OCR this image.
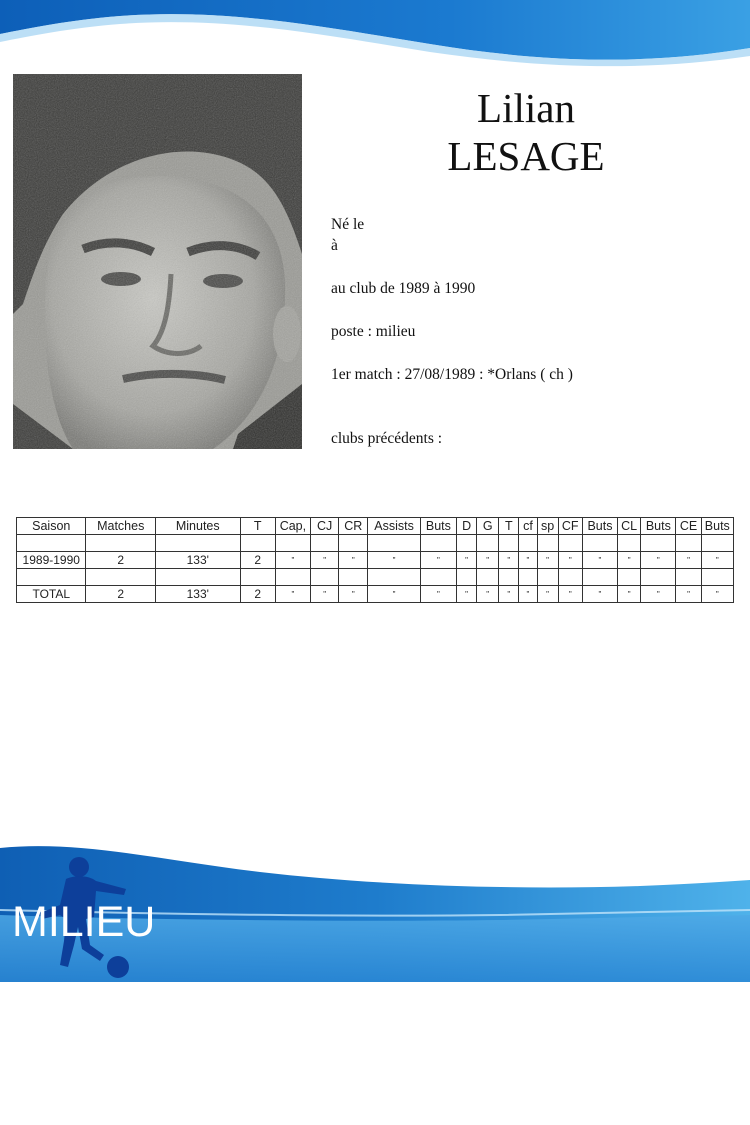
Lilian
LESAGE
Né le
à
au club de 1989 à 1990
poste : milieu
1er match : 27/08/1989 : *Orlans ( ch )
clubs précédents :
Saison	Matches	Minutes	T	Cap,	CJ	CR	Assists	Buts	D	G	T	cf	sp	CF	Buts	CL	Buts	CE	Buts

1989-1990	2	133'	2	"	"	"	"	"	"	"	"	"	"	"	"	"	"	"	"

TOTAL	2	133'	2	"	"	"	"	"	"	"	"	"	"	"	"	"	"	"	"
MILIEU
